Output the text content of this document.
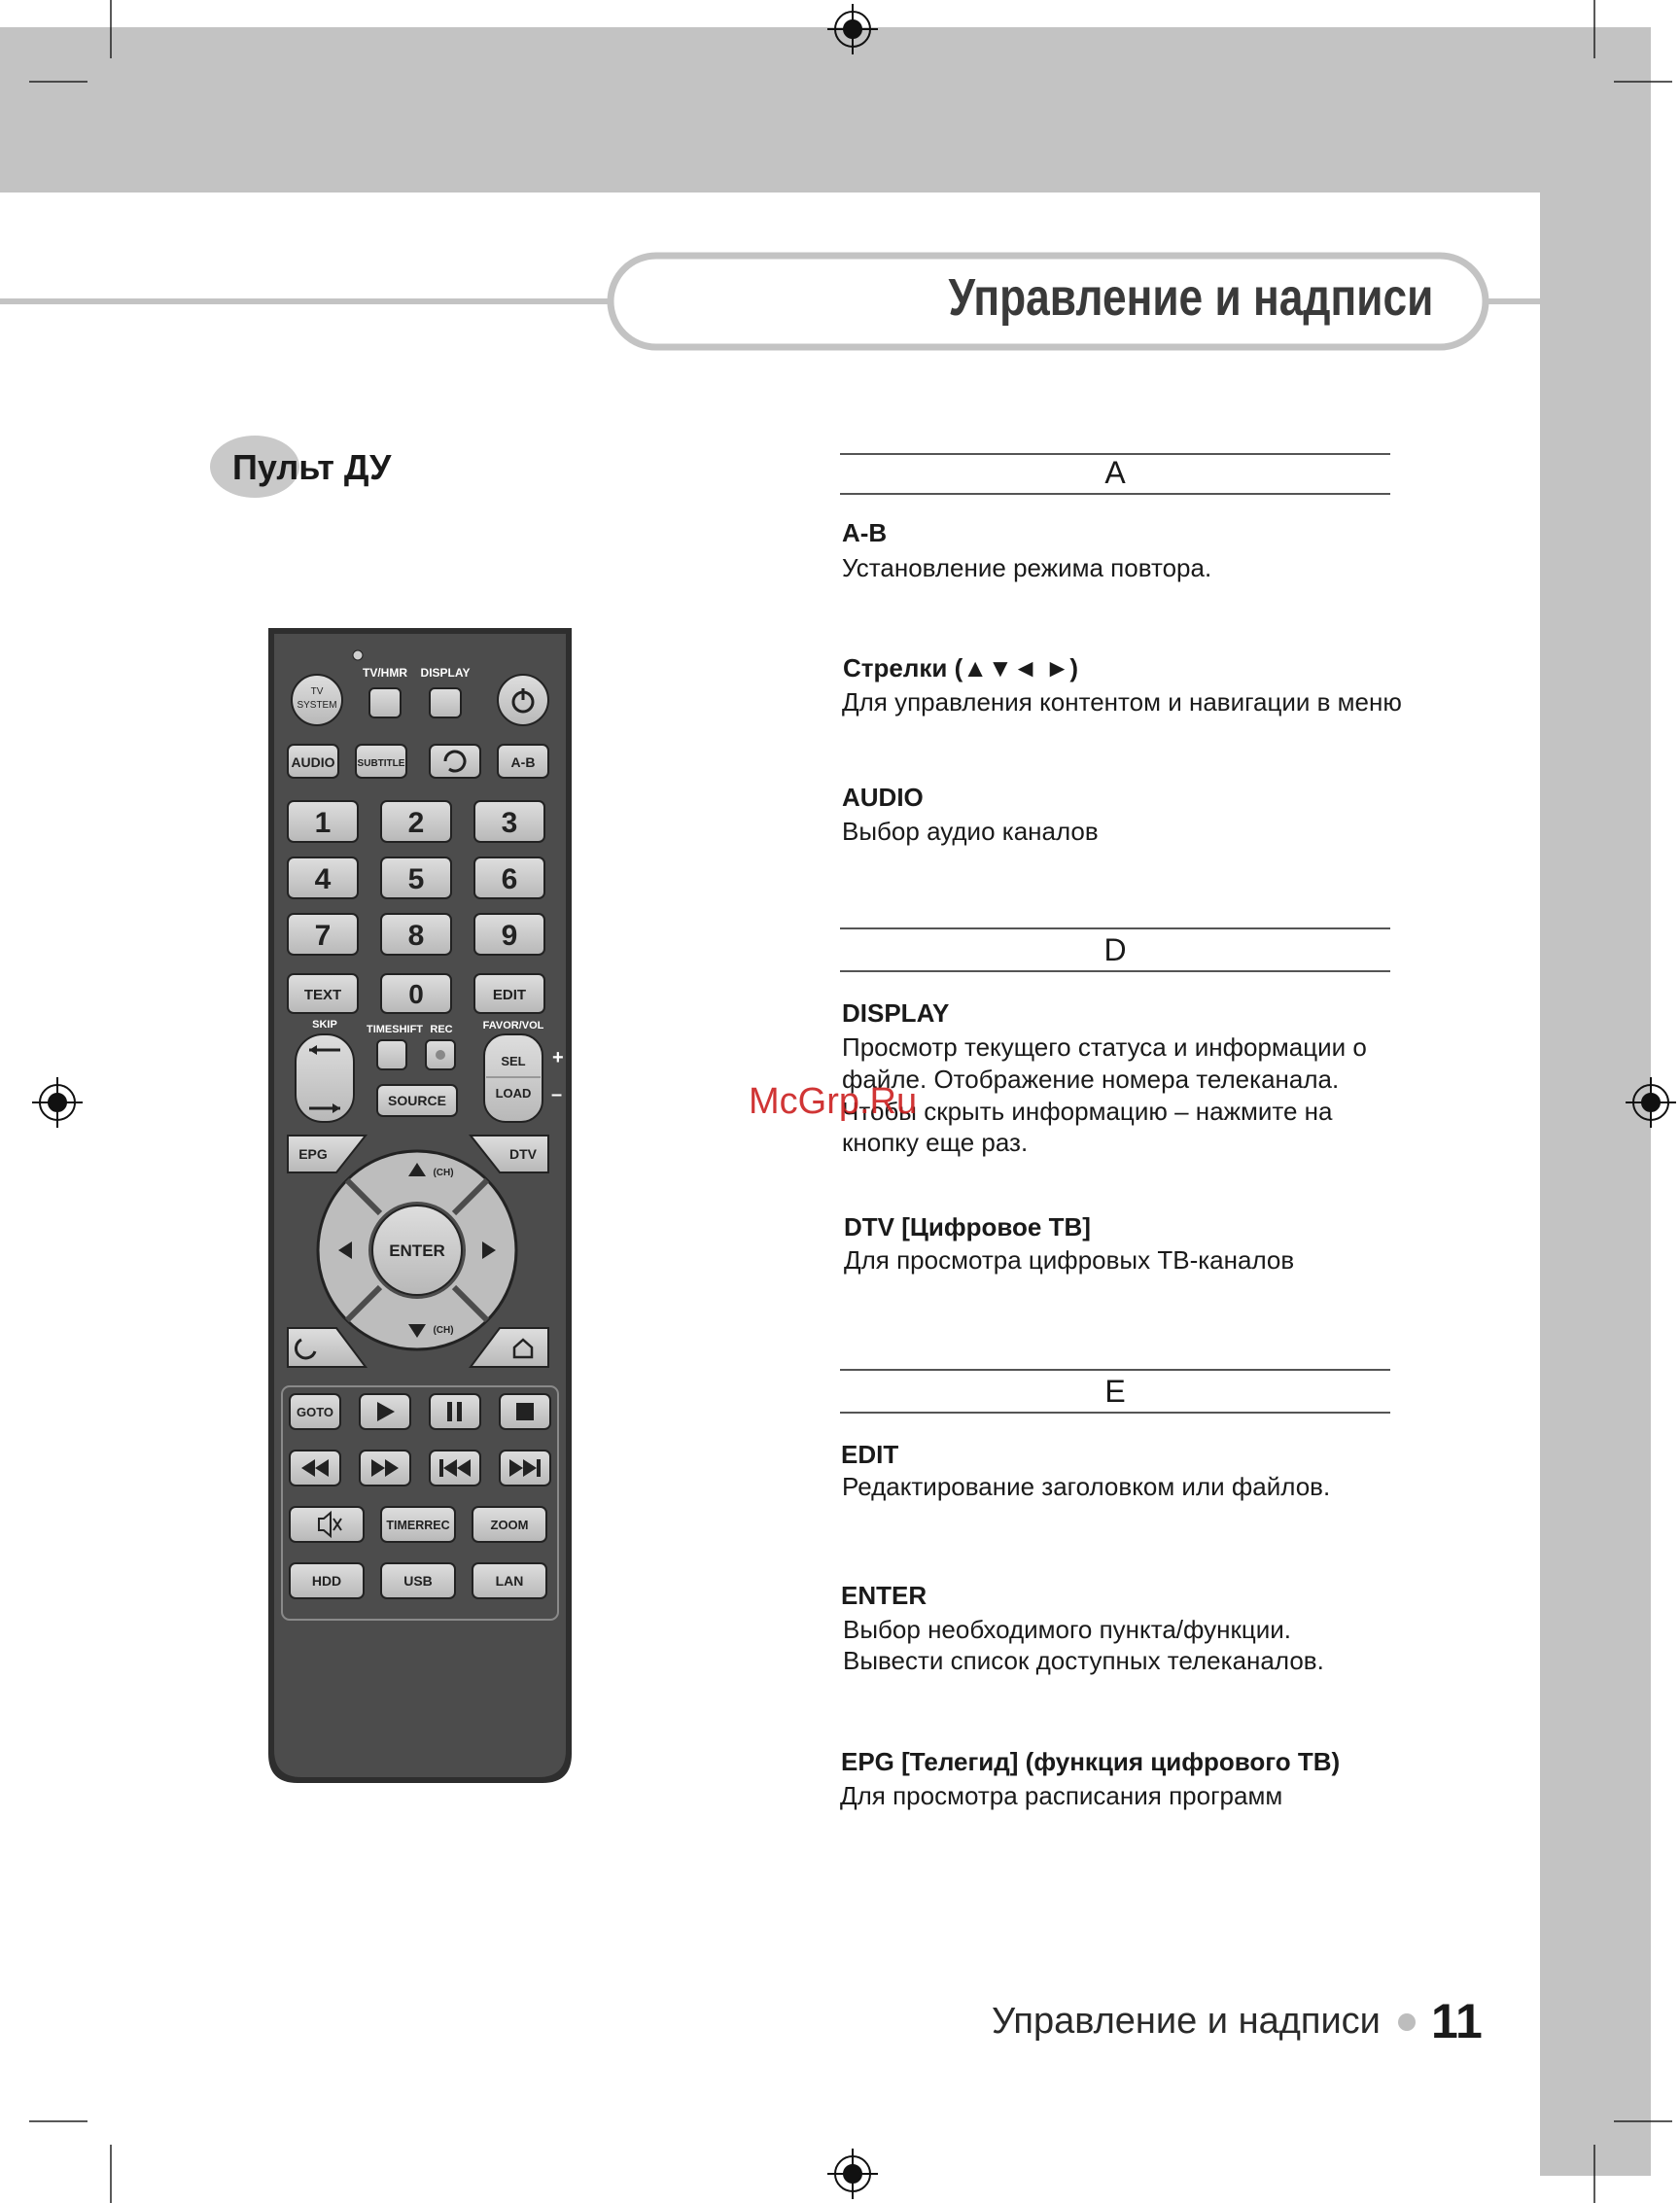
Управление и надписи
Пульт ДУ
TV
SYSTEM
TV/HMR DISPLAY
AUDIO SUBTITLE	A-B
1	2	3
4	5	6
7	8	9
TEXT 0	EDIT
SKIP	TIMESHIFT REC
SOURCE
FAVOR/VOL
SEL
LOAD
+
–
EPG	DTV
(CH)
(CH)
ENTER
GOTO
TIMERREC	ZOOM
HDD	USB	LAN
A
A-B
Установление режима повтора.
Стрелки (▲▼◄ ►)
Для управления контентом и навигации в меню
AUDIO
Выбор аудио каналов
D
DISPLAY
Просмотр текущего статуса и информации о
файле. Отображение номера телеканала.
Чтобы скрыть информацию – нажмите на
кнопку еще раз.
DTV [Цифровое ТВ]
Для просмотра цифровых ТВ-каналов
E
EDIT
Редактирование заголовком или файлов.
ENTER
Выбор необходимого пункта/функции.
Вывести список доступных телеканалов.
EPG [Телегид] (функция цифрового ТВ)
Для просмотра расписания программ
McGrp.Ru
Управление и надписи 11
